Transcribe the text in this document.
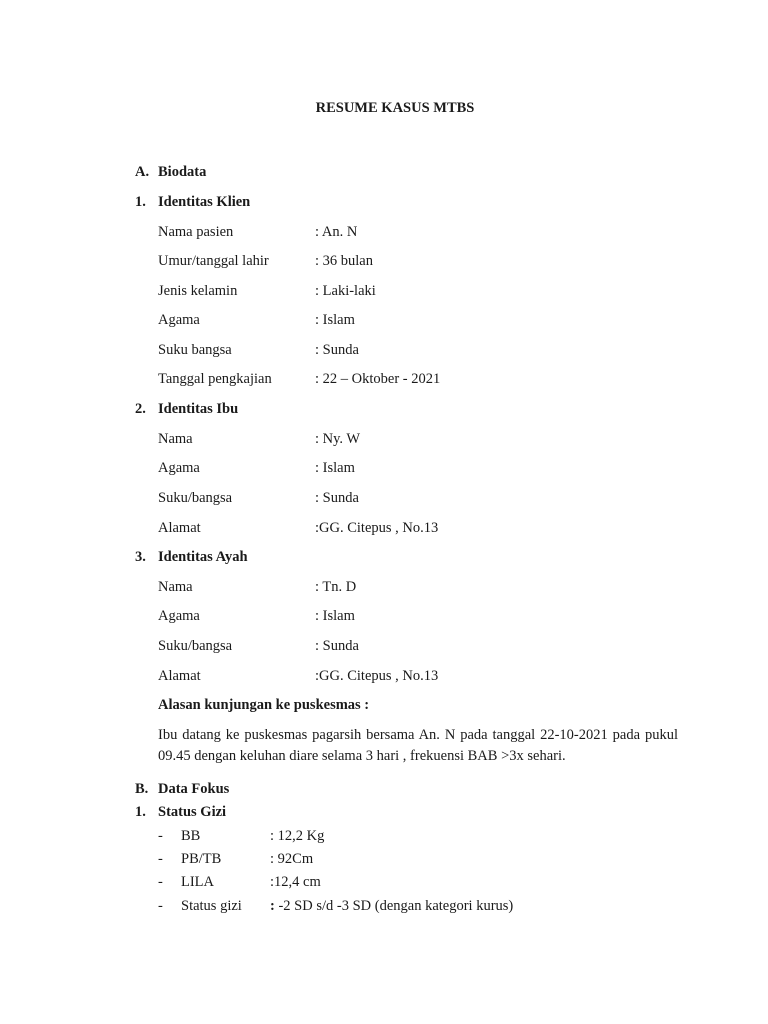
RESUME KASUS MTBS
A. Biodata
1. Identitas Klien
Nama pasien	: An. N
Umur/tanggal lahir	: 36 bulan
Jenis kelamin	: Laki-laki
Agama	: Islam
Suku bangsa	: Sunda
Tanggal pengkajian	: 22 – Oktober - 2021
2. Identitas Ibu
Nama	: Ny. W
Agama	: Islam
Suku/bangsa	: Sunda
Alamat	:GG. Citepus , No.13
3. Identitas Ayah
Nama	: Tn. D
Agama	: Islam
Suku/bangsa	: Sunda
Alamat	:GG. Citepus , No.13
Alasan kunjungan ke puskesmas :
Ibu datang ke puskesmas pagarsih bersama An. N pada tanggal 22-10-2021 pada pukul 09.45 dengan keluhan diare selama 3 hari , frekuensi BAB >3x sehari.
B. Data Fokus
1. Status Gizi
- BB	: 12,2 Kg
- PB/TB	: 92Cm
- LILA	:12,4 cm
- Status gizi : -2 SD s/d -3 SD (dengan kategori kurus)
